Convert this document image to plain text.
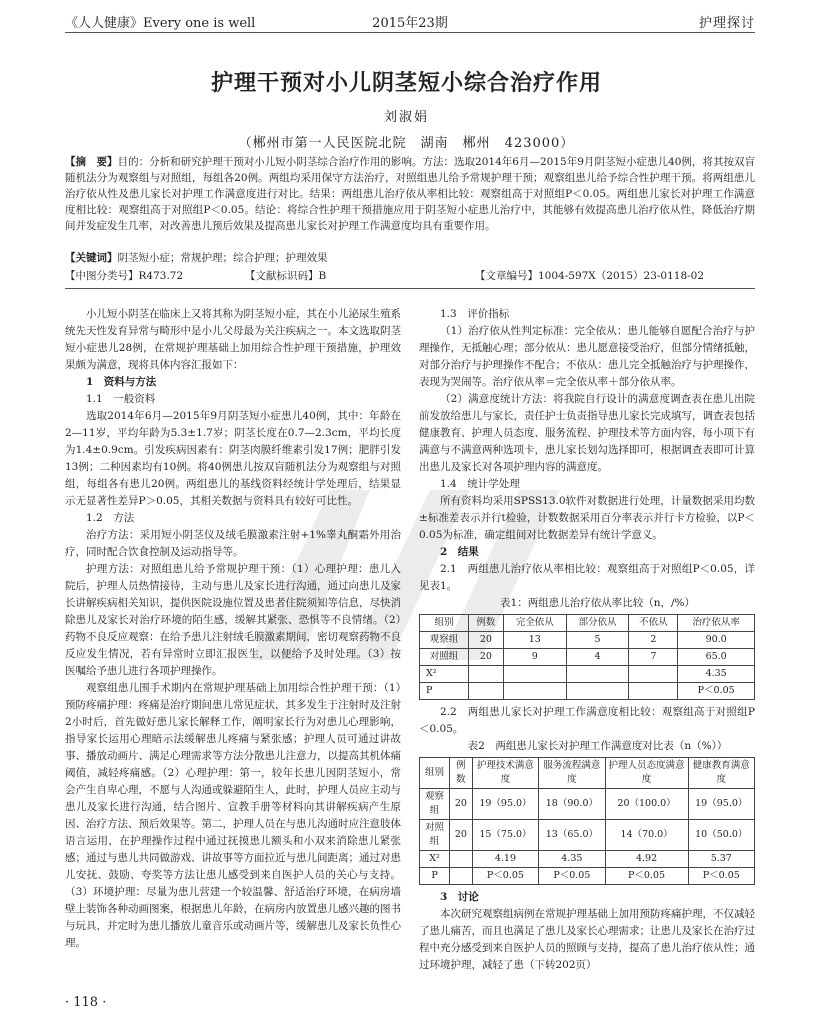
《人人健康》Every one is well	2015年23期	护理探讨
护理干预对小儿阴茎短小综合治疗作用
刘淑娟
（郴州市第一人民医院北院　湖南　郴州　423000）
【摘　要】目的：分析和研究护理干预对小儿短小阴茎综合治疗作用的影响。方法：选取2014年6月—2015年9月阴茎短小症患儿40例，将其按双盲随机法分为观察组与对照组，每组各20例。两组均采用保守方法治疗，对照组患儿给予常规护理干预；观察组患儿给予综合性护理干预。将两组患儿治疗依从性及患儿家长对护理工作满意度进行对比。结果：两组患儿治疗依从率相比较：观察组高于对照组P＜0.05。两组患儿家长对护理工作满意度相比较：观察组高于对照组P＜0.05。结论：将综合性护理干预措施应用于阴茎短小症患儿治疗中，其能够有效提高患儿治疗依从性，降低治疗期间并发症发生几率，对改善患儿预后效果及提高患儿家长对护理工作满意度均具有重要作用。
【关键词】阴茎短小症；常规护理；综合护理；护理效果
【中图分类号】R473.72	【文献标识码】B	【文章编号】1004-597X（2015）23-0118-02

小儿短小阴茎在临床上又将其称为阴茎短小症，其在小儿泌尿生殖系统先天性发育异常与畸形中是小儿父母最为关注疾病之一。本文选取阴茎短小症患儿28例，在常规护理基础上加用综合性护理干预措施，护理效果颇为满意，现将具体内容汇报如下：

1　资料与方法
1.1　一般资料

选取2014年6月—2015年9月阴茎短小症患儿40例，其中：年龄在2—11岁，平均年龄为5.3±1.7岁；阴茎长度在0.7—2.3cm，平均长度为1.4±0.9cm。引发疾病因素有：阴茎肉膜纤维素引发17例；肥胖引发13例；二种因素均有10例。将40例患儿按双盲随机法分为观察组与对照组，每组各有患儿20例。两组患儿的基线资料经统计学处理后，结果显示无显著性差异P＞0.05，其相关数据与资料具有较好可比性。

1.2　方法

治疗方法：采用短小阴茎仪及绒毛膜激素注射+1%睾丸酮霜外用治疗，同时配合饮食控制及运动指导等。

护理方法：对照组患儿给予常规护理干预：（1）心理护理：患儿入院后，护理人员热情接待，主动与患儿及家长进行沟通，通过向患儿及家长讲解疾病相关知识，提供医院设施位置及患者住院须知等信息，尽快消除患儿及家长对治疗环境的陌生感，缓解其紧张、恐惧等不良情绪。（2）药物不良反应观察：在给予患儿注射绒毛膜激素期间，密切观察药物不良反应发生情况，若有异常时立即汇报医生，以便给予及时处理。（3）按医嘱给予患儿进行各项护理操作。

观察组患儿围手术期内在常规护理基础上加用综合性护理干预：（1）预防疼痛护理：疼痛是治疗期间患儿常见症状，其多发生于注射时及注射2小时后，首先做好患儿家长解释工作，阐明家长行为对患儿心理影响，指导家长运用心理暗示法缓解患儿疼痛与紧张感；护理人员可通过讲故事、播放动画片、满足心理需求等方法分散患儿注意力，以提高其机体痛阈值，减轻疼痛感。（2）心理护理：第一，较年长患儿因阴茎短小，常会产生自卑心理，不愿与人沟通或躲避陌生人，此时，护理人员应主动与患儿及家长进行沟通，结合图片、宣教手册等材料向其讲解疾病产生原因、治疗方法、预后效果等。第二，护理人员在与患儿沟通时应注意肢体语言运用，在护理操作过程中通过抚摸患儿额头和小双来消除患儿紧张感；通过与患儿共同做游戏、讲故事等方面拉近与患儿间距离；通过对患儿安抚、鼓励、夸奖等方法让患儿感受到来自医护人员的关心与支持。（3）环境护理：尽量为患儿营建一个较温馨、舒适治疗环境，在病房墙壁上装饰各种动画图案，根据患儿年龄，在病房内放置患儿感兴趣的图书与玩具，并定时为患儿播放儿童音乐或动画片等，缓解患儿及家长负性心理。

1.3　评价指标

（1）治疗依从性判定标准：完全依从：患儿能够自愿配合治疗与护理操作，无抵触心理；部分依从：患儿愿意接受治疗，但部分情绪抵触，对部分治疗与护理操作不配合；不依从：患儿完全抵触治疗与护理操作，表现为哭闹等。治疗依从率＝完全依从率＋部分依从率。

（2）满意度统计方法：将我院自行设计的满意度调查表在患儿出院前发放给患儿与家长，责任护士负责指导患儿家长完成填写，调查表包括健康教育、护理人员态度、服务流程、护理技术等方面内容，每小项下有满意与不满意两种选项卡，患儿家长划勾选择即可，根据调查表即可计算出患儿及家长对各项护理内容的满意度。

1.4　统计学处理

所有资料均采用SPSS13.0软件对数据进行处理，计量数据采用均数±标准差表示并行t检验，计数数据采用百分率表示并行卡方检验，以P＜0.05为标准，确定组间对比数据差异有统计学意义。

2　结果

2.1　两组患儿治疗依从率相比较：观察组高于对照组P＜0.05，详见表1。

表1：两组患儿治疗依从率比较（n，/%）

组别	例数	完全依从	部分依从	不依从	治疗依从率
观察组	20	13	5	2	90.0
对照组	20	9	4	7	65.0
X²					4.35
P					P＜0.05

2.2　两组患儿家长对护理工作满意度相比较：观察组高于对照组P＜0.05。

表2　两组患儿家长对护理工作满意度对比表（n（%））

组别	例数	护理技术满意度	服务流程满意度	护理人员态度满意度	健康教育满意度
观察组	20	19（95.0）	18（90.0）	20（100.0）	19（95.0）
对照组	20	15（75.0）	13（65.0）	14（70.0）	10（50.0）
X²		4.19	4.35	4.92	5.37
P		P＜0.05	P＜0.05	P＜0.05	P＜0.05
3　讨论

本次研究观察组病例在常规护理基础上加用预防疼痛护理，不仅减轻了患儿痛苦，而且也满足了患儿及家长心理需求；让患儿及家长在治疗过程中充分感受到来自医护人员的照顾与支持，提高了患儿治疗依从性；通过环境护理，减轻了患（下转202页）

· 118 ·
